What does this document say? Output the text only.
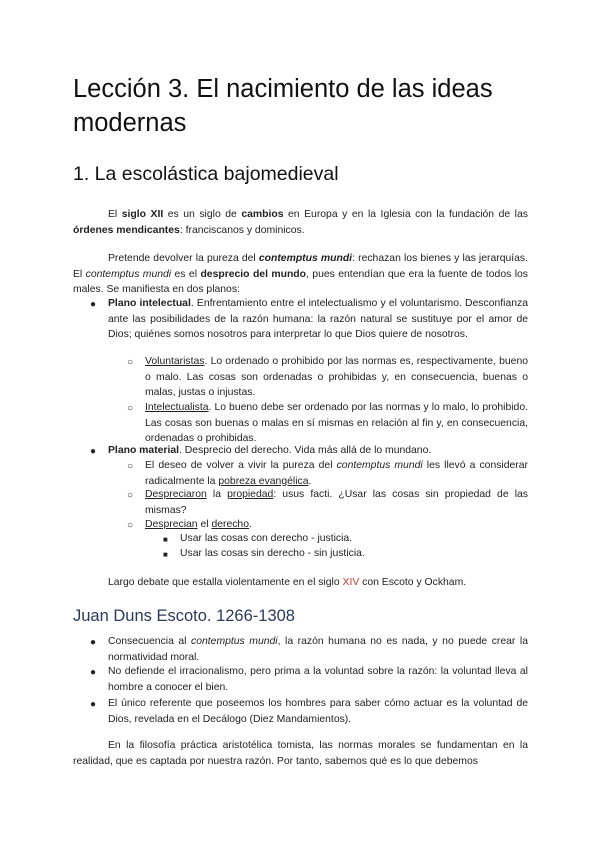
Lección 3. El nacimiento de las ideas modernas
1. La escolástica bajomedieval
El siglo XII es un siglo de cambios en Europa y en la Iglesia con la fundación de las órdenes mendicantes: franciscanos y dominicos.
Pretende devolver la pureza del contemptus mundi: rechazan los bienes y las jerarquías. El contemptus mundi es el desprecio del mundo, pues entendían que era la fuente de todos los males. Se manifiesta en dos planos:
● Plano intelectual. Enfrentamiento entre el intelectualismo y el voluntarismo. Desconfianza ante las posibilidades de la razón humana: la razón natural se sustituye por el amor de Dios; quiénes somos nosotros para interpretar lo que Dios quiere de nosotros.
○ Voluntaristas. Lo ordenado o prohibido por las normas es, respectivamente, bueno o malo. Las cosas son ordenadas o prohibidas y, en consecuencia, buenas o malas, justas o injustas.
○ Intelectualista. Lo bueno debe ser ordenado por las normas y lo malo, lo prohibido. Las cosas son buenas o malas en sí mismas en relación al fin y, en consecuencia, ordenadas o prohibidas.
● Plano material. Desprecio del derecho. Vida más allá de lo mundano.
○ El deseo de volver a vivir la pureza del contemptus mundi les llevó a considerar radicalmente la pobreza evangélica.
○ Despreciaron la propiedad: usus facti. ¿Usar las cosas sin propiedad de las mismas?
○ Desprecian el derecho.
■ Usar las cosas con derecho - justicia.
■ Usar las cosas sin derecho - sin justicia.
Largo debate que estalla violentamente en el siglo XIV con Escoto y Ockham.
Juan Duns Escoto. 1266-1308
● Consecuencia al contemptus mundi, la razón humana no es nada, y no puede crear la normatividad moral.
● No defiende el irracionalismo, pero prima a la voluntad sobre la razón: la voluntad lleva al hombre a conocer el bien.
● El único referente que poseemos los hombres para saber cómo actuar es la voluntad de Dios, revelada en el Decálogo (Diez Mandamientos).
En la filosofía práctica aristotélica tomista, las normas morales se fundamentan en la realidad, que es captada por nuestra razón. Por tanto, sabemos qué es lo que debemos
